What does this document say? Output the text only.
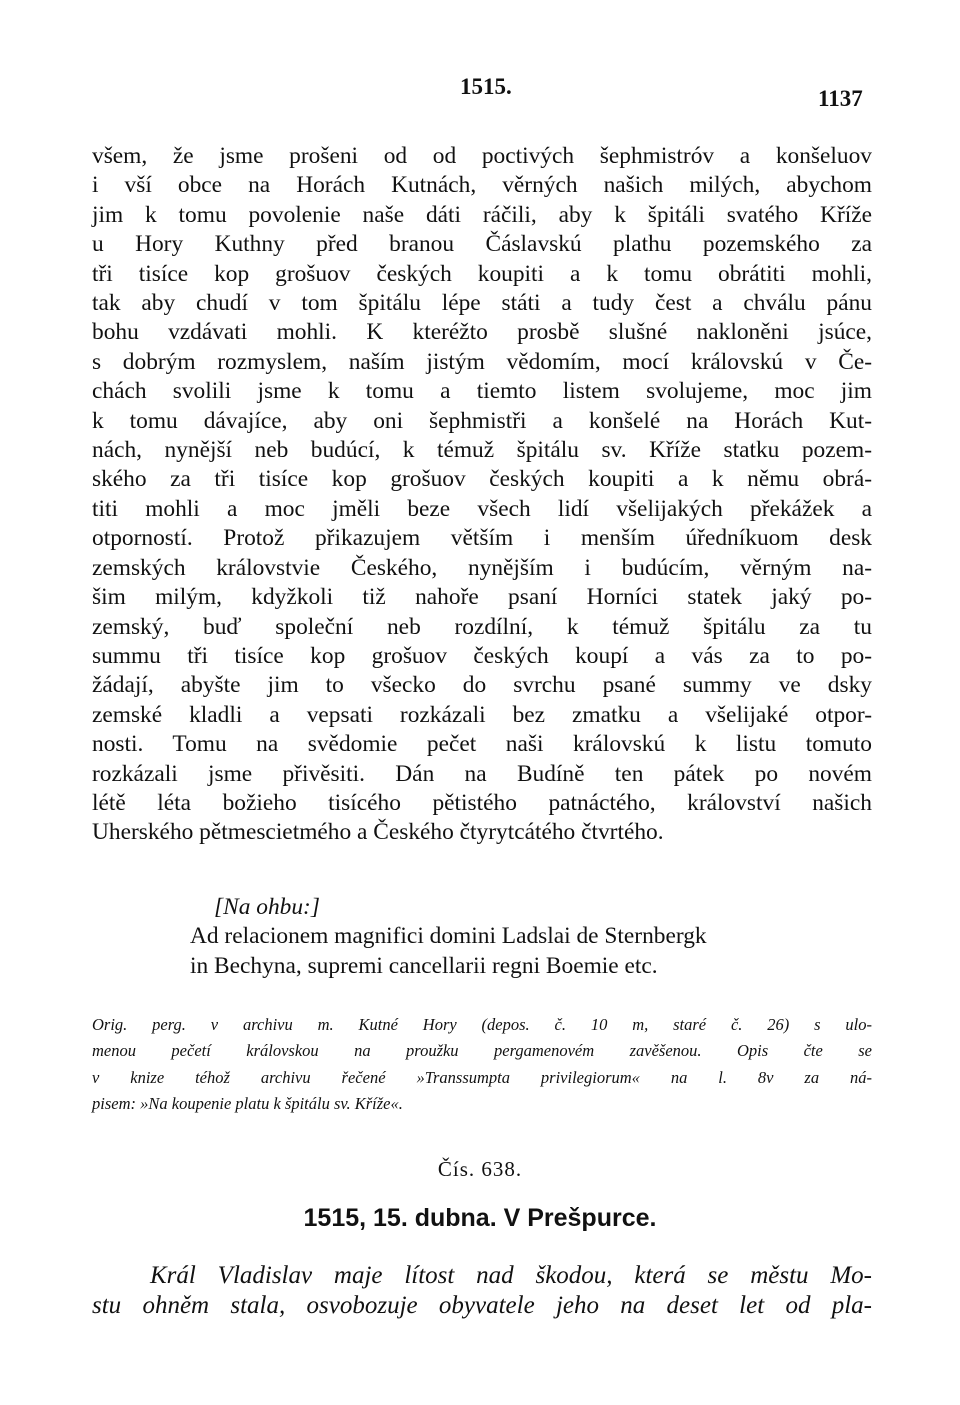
1515.	1137
všem, že jsme prošeni od od poctivých šephmistróv a konšeluov
i vší obce na Horách Kutnách, věrných našich milých, abychom
jim k tomu povolenie naše dáti ráčili, aby k špitáli svatého Kříže
u Hory Kuthny před branou Čáslavskú plathu pozemského za
tři tisíce kop grošuov českých koupiti a k tomu obrátiti mohli,
tak aby chudí v tom špitálu lépe státi a tudy čest a chválu pánu
bohu vzdávati mohli. K kteréžto prosbě slušné nakloněni jsúce,
s dobrým rozmyslem, naším jistým vědomím, mocí královskú v Če-
chách svolili jsme k tomu a tiemto listem svolujeme, moc jim
k tomu dávajíce, aby oni šephmistři a konšelé na Horách Kut-
nách, nynější neb budúcí, k témuž špitálu sv. Kříže statku pozem-
ského za tři tisíce kop grošuov českých koupiti a k němu obrá-
titi mohli a moc jměli beze všech lidí všelijakých překážek a
otporností. Protož přikazujem větším i menším úředníkuom desk
zemských královstvie Českého, nynějším i budúcím, věrným na-
šim milým, kdyžkoli tiž nahoře psaní Horníci statek jaký po-
zemský, buď společní neb rozdílní, k témuž špitálu za tu
summu tři tisíce kop grošuov českých koupí a vás za to po-
žádají, abyšte jim to všecko do svrchu psané summy ve dsky
zemské kladli a vepsati rozkázali bez zmatku a všelijaké otpor-
nosti. Tomu na svědomie pečet naši královskú k listu tomuto
rozkázali jsme přivěsiti. Dán na Budíně ten pátek po novém
létě léta božieho tisícého pětistého patnáctého, království našich
Uherského pětmescietmého a Českého čtyrytcátého čtvrtého.
[Na ohbu:]
Ad relacionem magnifici domini Ladslai de Sternbergk
in Bechyna, supremi cancellarii regni Boemie etc.
Orig. perg. v archivu m. Kutné Hory (depos. č. 10 m, staré č. 26) s ulo-
menou pečetí královskou na proužku pergamenovém zavěšenou. Opis čte se
v knize téhož archivu řečené »Transsumpta privilegiorum« na l. 8v za ná-
pisem: »Na koupenie platu k špitálu sv. Kříže«.
Čís. 638.
1515, 15. dubna. V Prešpurce.
Král Vladislav maje lítost nad škodou, která se městu Mo-
stu ohněm stala, osvobozuje obyvatele jeho na deset let od pla-
